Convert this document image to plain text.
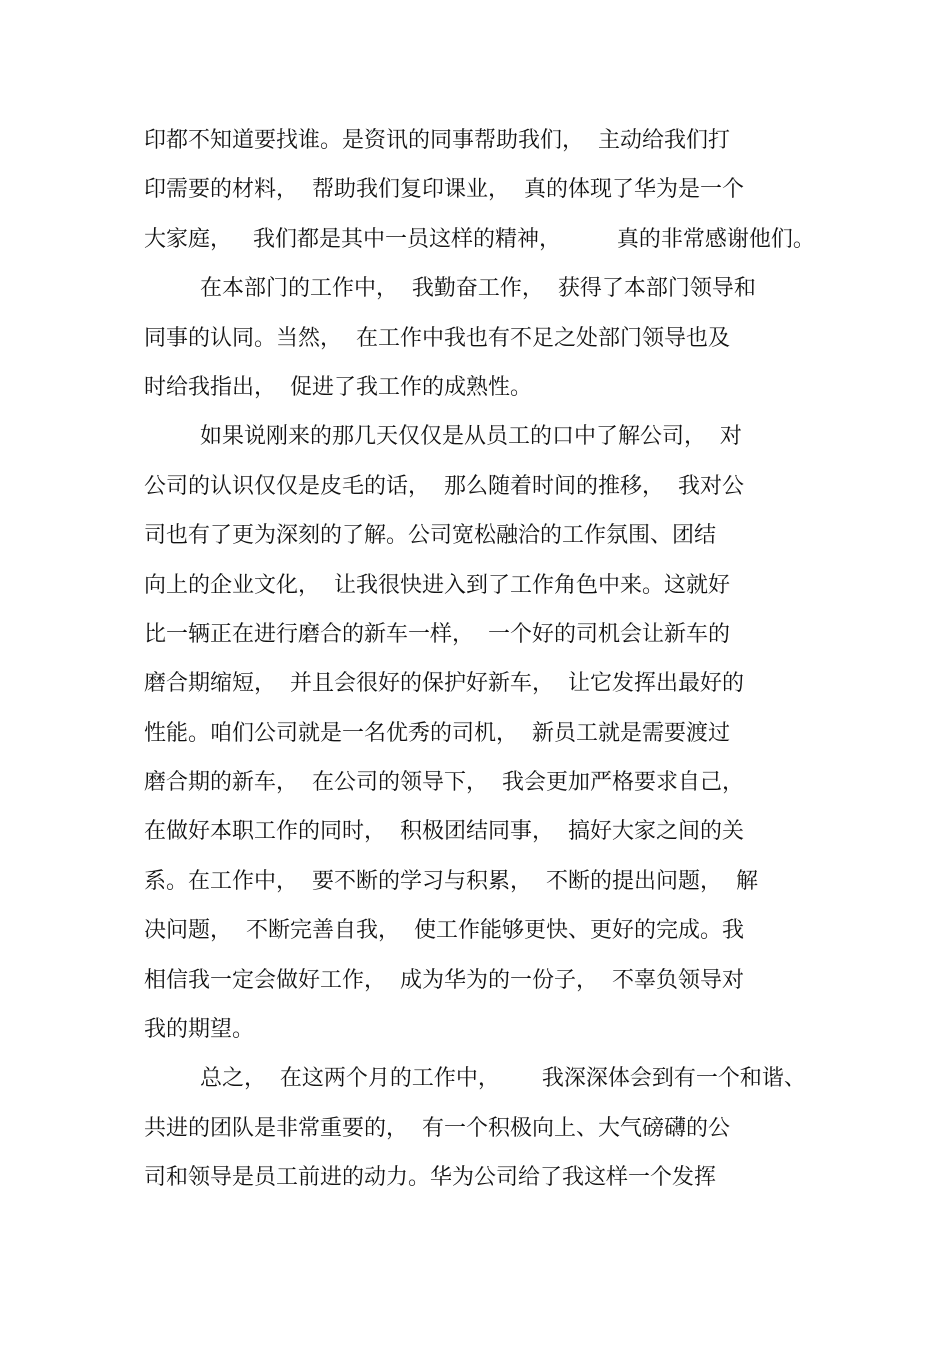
印都不知道要找谁。是资讯的同事帮助我们，  主动给我们打

印需要的材料，  帮助我们复印课业，  真的体现了华为是一个

大家庭，   我们都是其中一员这样的精神，        真的非常感谢他们。

在本部门的工作中，  我勤奋工作，  获得了本部门领导和

同事的认同。当然，  在工作中我也有不足之处部门领导也及

时给我指出，  促进了我工作的成熟性。

如果说刚来的那几天仅仅是从员工的口中了解公司，  对

公司的认识仅仅是皮毛的话，  那么随着时间的推移，  我对公

司也有了更为深刻的了解。公司宽松融洽的工作氛围、团结

向上的企业文化，  让我很快进入到了工作角色中来。这就好

比一辆正在进行磨合的新车一样，  一个好的司机会让新车的

磨合期缩短，  并且会很好的保护好新车，  让它发挥出最好的

性能。咱们公司就是一名优秀的司机，  新员工就是需要渡过

磨合期的新车，  在公司的领导下，  我会更加严格要求自己，

在做好本职工作的同时，  积极团结同事，  搞好大家之间的关

系。在工作中，  要不断的学习与积累，  不断的提出问题，  解

决问题，  不断完善自我，  使工作能够更快、更好的完成。我

相信我一定会做好工作，  成为华为的一份子，  不辜负领导对

我的期望。

总之，  在这两个月的工作中，      我深深体会到有一个和谐、

共进的团队是非常重要的，  有一个积极向上、大气磅礴的公

司和领导是员工前进的动力。华为公司给了我这样一个发挥
